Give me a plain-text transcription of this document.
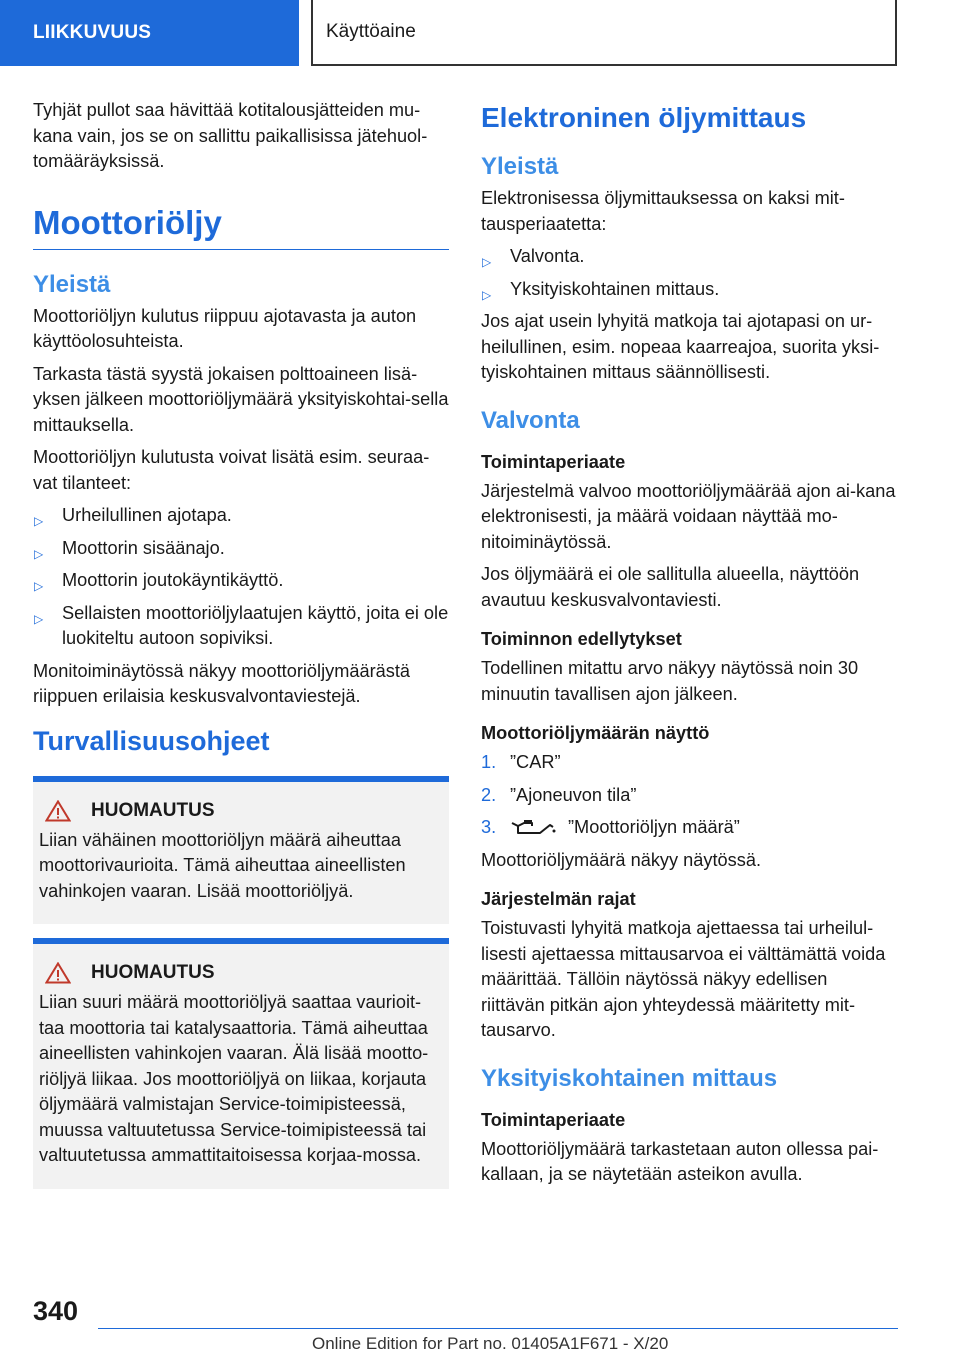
LIIKKUVUUS	Käyttöaine

Tyhjät pullot saa hävittää kotitalousjätteiden mu-kana vain, jos se on sallittu paikallisissa jätehuol-tomääräyksissä.

Moottoriöljy
Yleistä

Moottoriöljyn kulutus riippuu ajotavasta ja auton käyttöolosuhteista.

Tarkasta tästä syystä jokaisen polttoaineen lisä-yksen jälkeen moottoriöljymäärä yksityiskohtai-sella mittauksella.

Moottoriöljyn kulutusta voivat lisätä esim. seuraa-vat tilanteet:

▷ Urheilullinen ajotapa.
▷ Moottorin sisäänajo.
▷ Moottorin joutokäyntikäyttö.
▷ Sellaisten moottoriöljylaatujen käyttö, joita ei ole luokiteltu autoon sopiviksi.

Monitoiminäytössä näkyy moottoriöljymäärästä riippuen erilaisia keskusvalvontaviestejä.

Turvallisuusohjeet
HUOMAUTUS

Liian vähäinen moottoriöljyn määrä aiheuttaa moottorivaurioita. Tämä aiheuttaa aineellisten vahinkojen vaaran. Lisää moottoriöljyä.

HUOMAUTUS

Liian suuri määrä moottoriöljyä saattaa vaurioit-taa moottoria tai katalysaattoria. Tämä aiheuttaa aineellisten vahinkojen vaaran. Älä lisää mootto-riöljyä liikaa. Jos moottoriöljyä on liikaa, korjauta öljymäärä valmistajan Service-toimipisteessä, muussa valtuutetussa Service-toimipisteessä tai valtuutetussa ammattitaitoisessa korjaa-mossa.

Elektroninen öljymittaus
Yleistä

Elektronisessa öljymittauksessa on kaksi mit-tausperiaatetta:

▷ Valvonta.
▷ Yksityiskohtainen mittaus.

Jos ajat usein lyhyitä matkoja tai ajotapasi on ur-heilullinen, esim. nopeaa kaarreajoa, suorita yksi-tyiskohtainen mittaus säännöllisesti.

Valvonta
Toimintaperiaate

Järjestelmä valvoo moottoriöljymäärää ajon ai-kana elektronisesti, ja määrä voidaan näyttää mo-nitoiminäytössä.

Jos öljymäärä ei ole sallitulla alueella, näyttöön avautuu keskusvalvontaviesti.

Toiminnon edellytykset

Todellinen mitattu arvo näkyy näytössä noin 30 minuutin tavallisen ajon jälkeen.

Moottoriöljymäärän näyttö
1. ”CAR”
2. ”Ajoneuvon tila”
3.	”Moottoriöljyn määrä”

Moottoriöljymäärä näkyy näytössä.

Järjestelmän rajat

Toistuvasti lyhyitä matkoja ajettaessa tai urheilul-lisesti ajettaessa mittausarvoa ei välttämättä voida määrittää. Tällöin näytössä näkyy edellisen riittävän pitkän ajon yhteydessä määritetty mit-tausarvo.

Yksityiskohtainen mittaus
Toimintaperiaate

Moottoriöljymäärä tarkastetaan auton ollessa pai-kallaan, ja se näytetään asteikon avulla.

340
Online Edition for Part no. 01405A1F671 - X/20
